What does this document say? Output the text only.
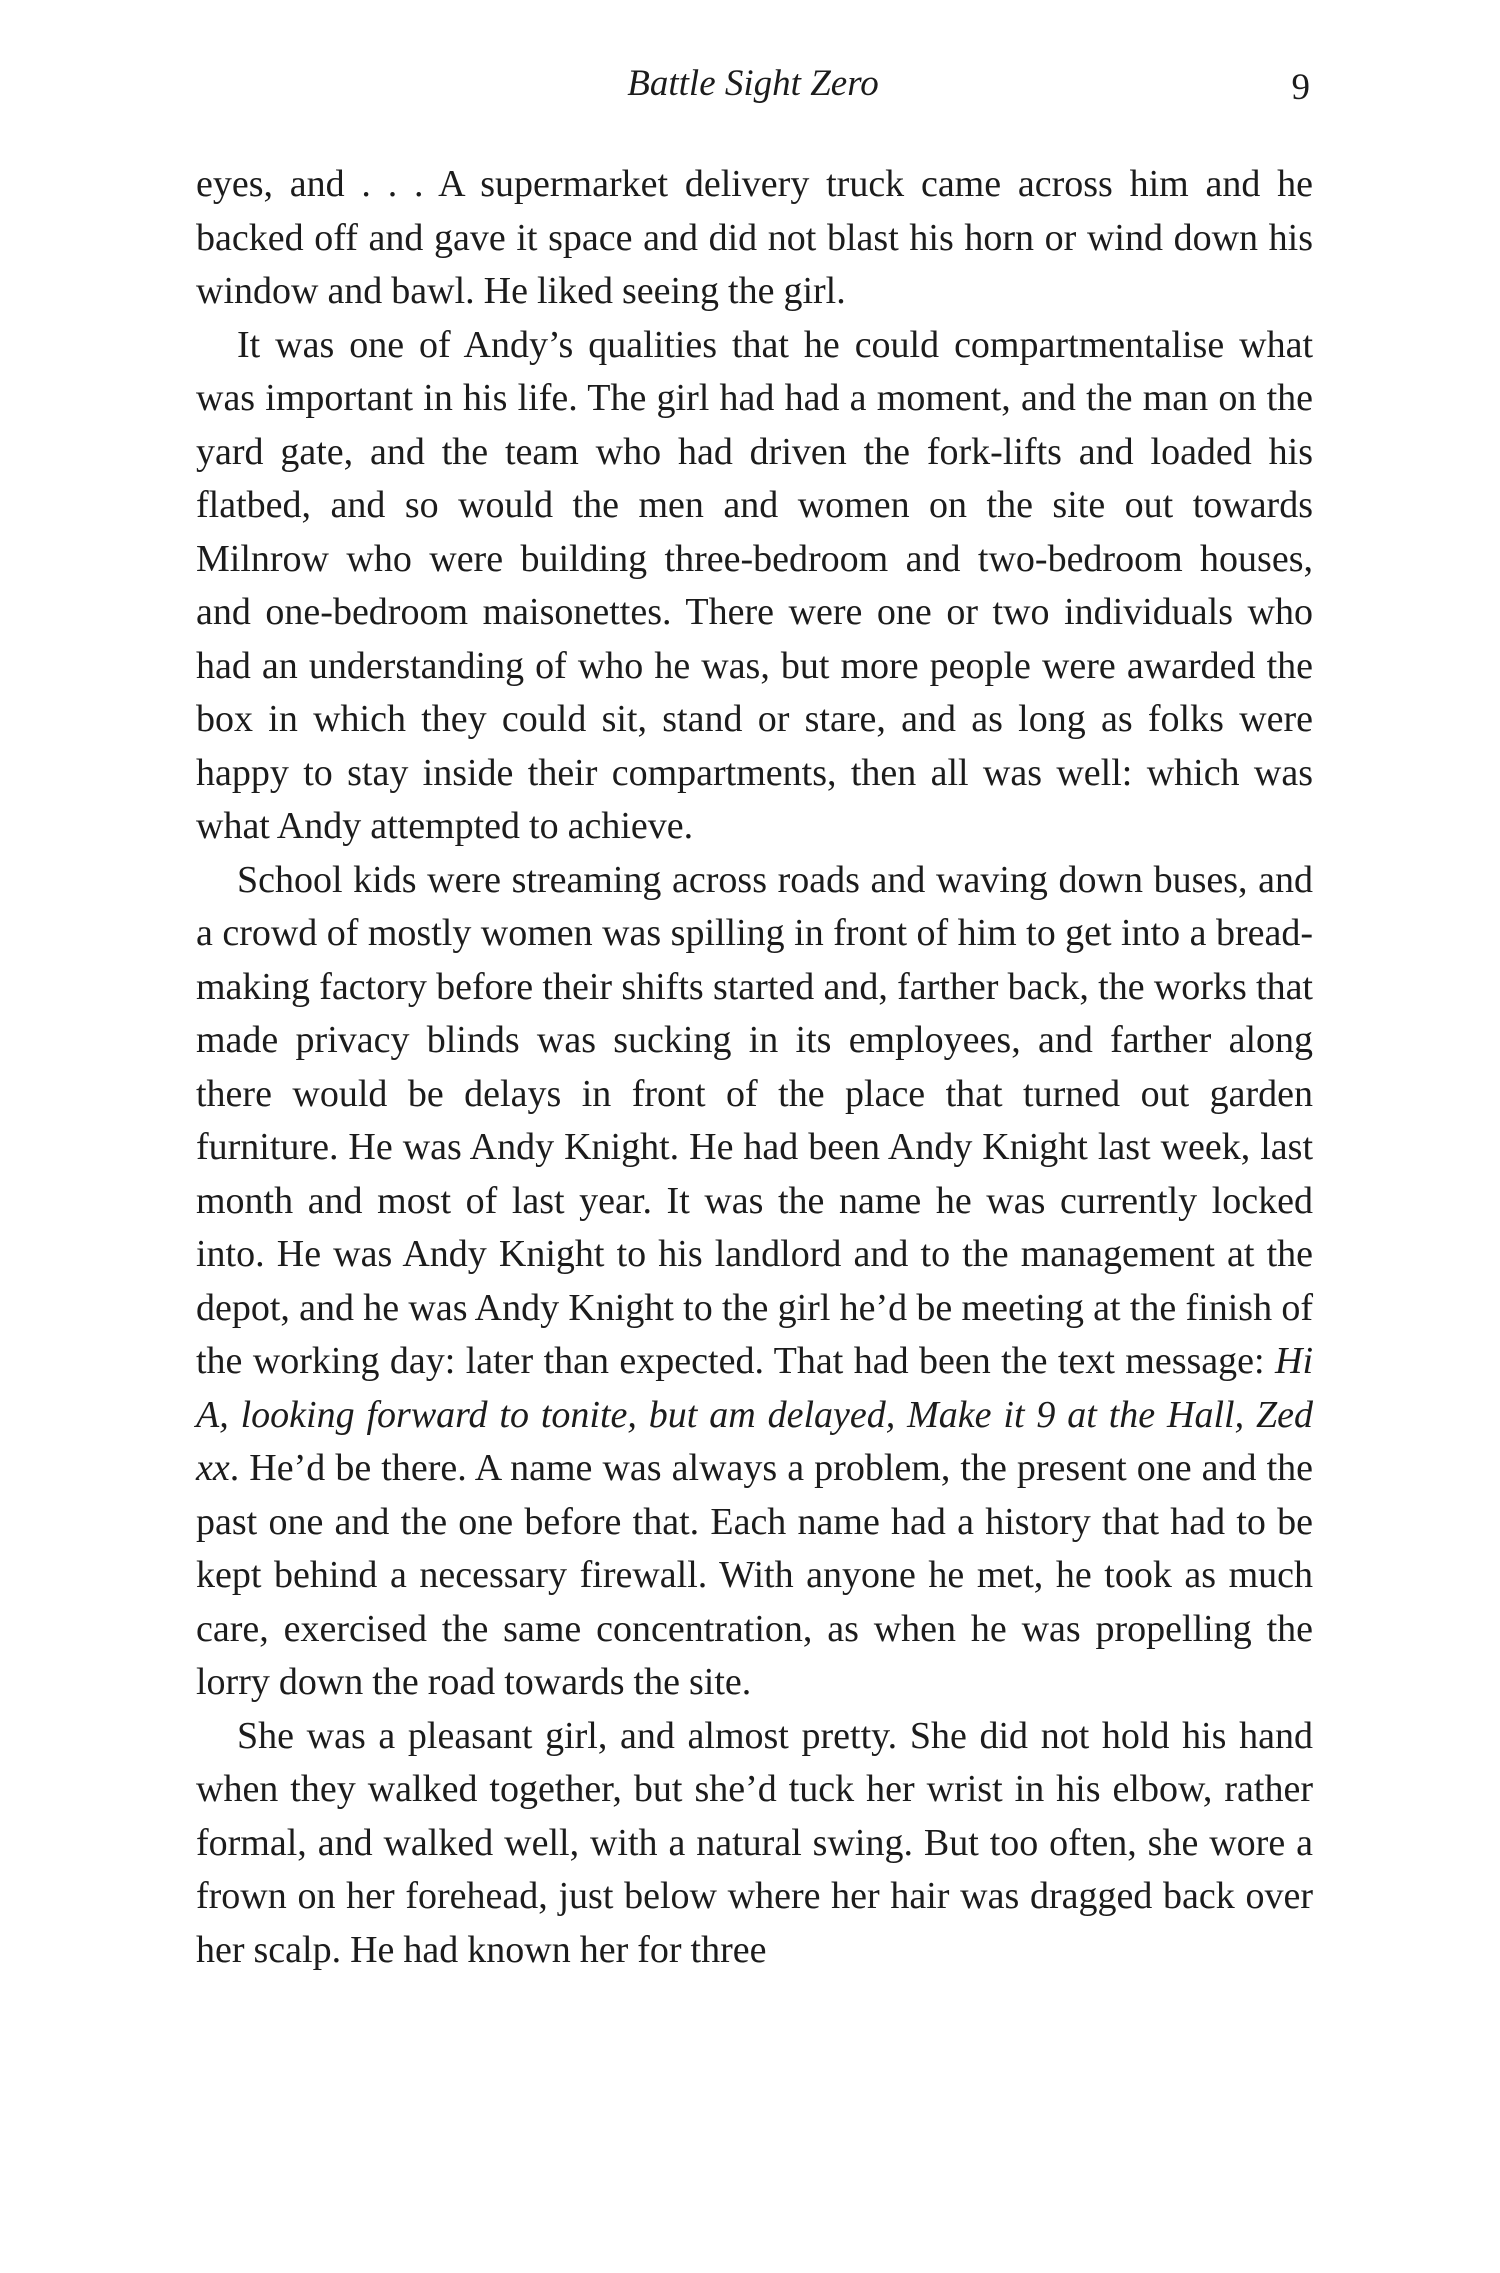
Battle Sight Zero	9

eyes, and . . . A supermarket delivery truck came across him and he backed off and gave it space and did not blast his horn or wind down his window and bawl. He liked seeing the girl.

It was one of Andy’s qualities that he could compartmentalise what was important in his life. The girl had had a moment, and the man on the yard gate, and the team who had driven the fork-lifts and loaded his flatbed, and so would the men and women on the site out towards Milnrow who were building three-bedroom and two-bedroom houses, and one-bedroom maisonettes. There were one or two individuals who had an understanding of who he was, but more people were awarded the box in which they could sit, stand or stare, and as long as folks were happy to stay inside their compartments, then all was well: which was what Andy attempted to achieve.

School kids were streaming across roads and waving down buses, and a crowd of mostly women was spilling in front of him to get into a bread-making factory before their shifts started and, farther back, the works that made privacy blinds was sucking in its employees, and farther along there would be delays in front of the place that turned out garden furniture. He was Andy Knight. He had been Andy Knight last week, last month and most of last year. It was the name he was currently locked into. He was Andy Knight to his landlord and to the management at the depot, and he was Andy Knight to the girl he’d be meeting at the finish of the working day: later than expected. That had been the text message: Hi A, looking forward to tonite, but am delayed, Make it 9 at the Hall, Zed xx. He’d be there. A name was always a problem, the present one and the past one and the one before that. Each name had a history that had to be kept behind a necessary firewall. With anyone he met, he took as much care, exercised the same concentration, as when he was propelling the lorry down the road towards the site.

She was a pleasant girl, and almost pretty. She did not hold his hand when they walked together, but she’d tuck her wrist in his elbow, rather formal, and walked well, with a natural swing. But too often, she wore a frown on her forehead, just below where her hair was dragged back over her scalp. He had known her for three
